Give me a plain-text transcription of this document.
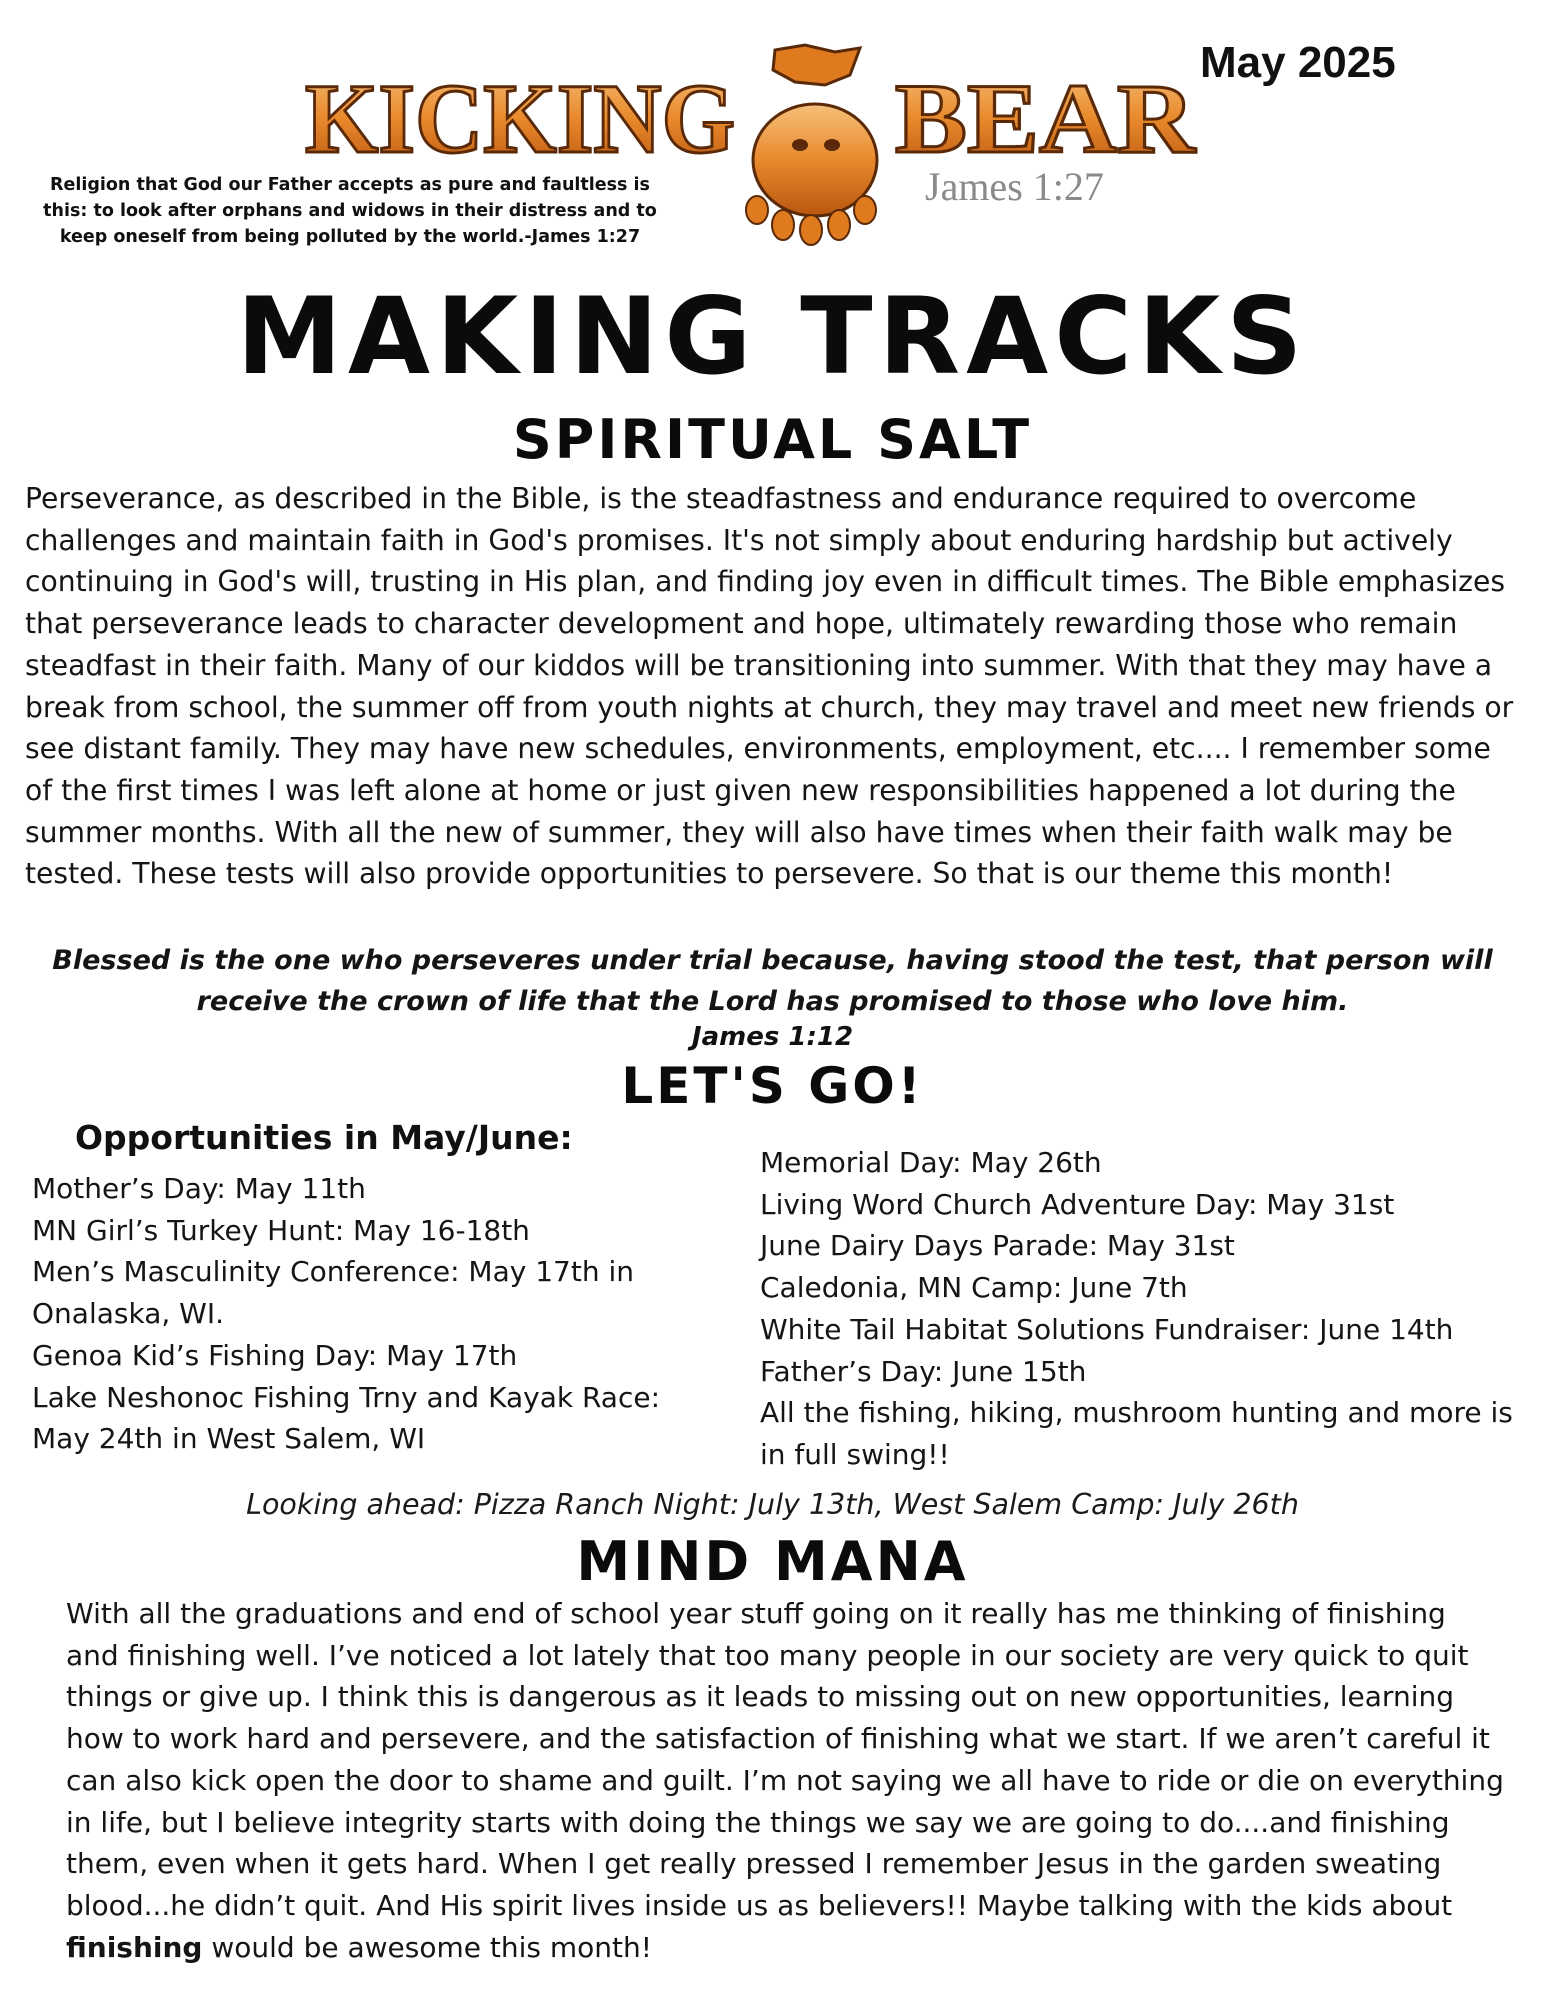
KICKING BEAR
James 1:27
May 2025
Religion that God our Father accepts as pure and faultless is this: to look after orphans and widows in their distress and to keep oneself from being polluted by the world.-James 1:27
MAKING TRACKS
SPIRITUAL SALT
Perseverance, as described in the Bible, is the steadfastness and endurance required to overcome challenges and maintain faith in God's promises. It's not simply about enduring hardship but actively continuing in God's will, trusting in His plan, and finding joy even in difficult times. The Bible emphasizes that perseverance leads to character development and hope, ultimately rewarding those who remain steadfast in their faith. Many of our kiddos will be transitioning into summer. With that they may have a break from school, the summer off from youth nights at church, they may travel and meet new friends or see distant family. They may have new schedules, environments, employment, etc.... I remember some of the first times I was left alone at home or just given new responsibilities happened a lot during the summer months. With all the new of summer, they will also have times when their faith walk may be tested. These tests will also provide opportunities to persevere. So that is our theme this month!
Blessed is the one who perseveres under trial because, having stood the test, that person will receive the crown of life that the Lord has promised to those who love him.
James 1:12
LET'S GO!
Opportunities in May/June:
Mother’s Day: May 11th
MN Girl’s Turkey Hunt: May 16-18th
Men’s Masculinity Conference: May 17th in Onalaska, WI.
Genoa Kid’s Fishing Day: May 17th
Lake Neshonoc Fishing Trny and Kayak Race: May 24th in West Salem, WI
Memorial Day: May 26th
Living Word Church Adventure Day: May 31st
June Dairy Days Parade: May 31st
Caledonia, MN Camp: June 7th
White Tail Habitat Solutions Fundraiser: June 14th
Father’s Day: June 15th
All the fishing, hiking, mushroom hunting and more is in full swing!!
Looking ahead: Pizza Ranch Night: July 13th, West Salem Camp: July 26th
MIND MANA
With all the graduations and end of school year stuff going on it really has me thinking of finishing and finishing well. I’ve noticed a lot lately that too many people in our society are very quick to quit things or give up. I think this is dangerous as it leads to missing out on new opportunities, learning how to work hard and persevere, and the satisfaction of finishing what we start. If we aren’t careful it can also kick open the door to shame and guilt. I’m not saying we all have to ride or die on everything in life, but I believe integrity starts with doing the things we say we are going to do....and finishing them, even when it gets hard. When I get really pressed I remember Jesus in the garden sweating blood...he didn’t quit. And His spirit lives inside us as believers!! Maybe talking with the kids about finishing would be awesome this month!
